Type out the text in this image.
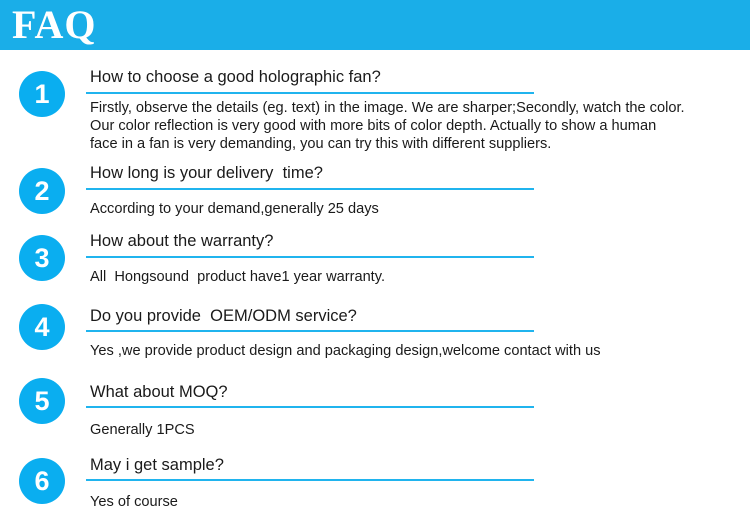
FAQ
1
How to choose a good holographic fan?
Firstly, observe the details (eg. text) in the image. We are sharper;Secondly, watch the color.
Our color reflection is very good with more bits of color depth. Actually to show a human
face in a fan is very demanding, you can try this with different suppliers.
2
How long is your delivery  time?
According to your demand,generally 25 days
3
How about the warranty?
All  Hongsound  product have1 year warranty.
4	Do you provide  OEM/ODM service?
Yes ,we provide product design and packaging design,welcome contact with us
5	What about MOQ?
Generally 1PCS
6
May i get sample?
Yes of course
